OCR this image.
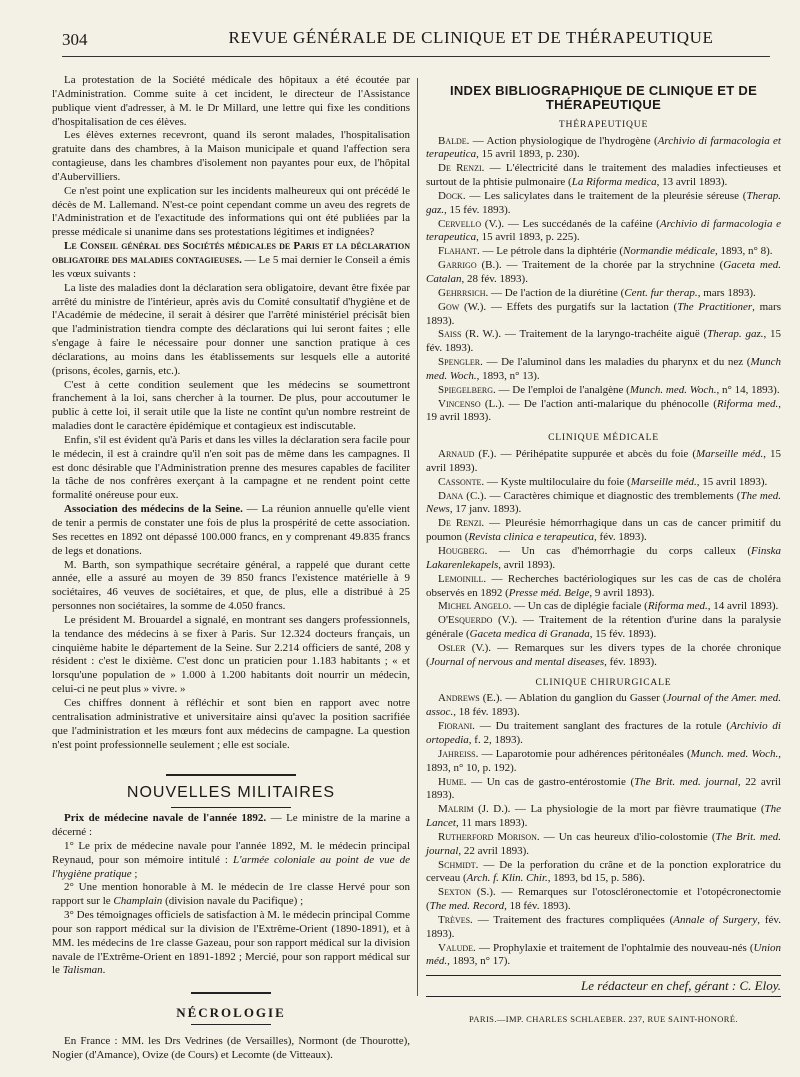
304	REVUE GÉNÉRALE DE CLINIQUE ET DE THÉRAPEUTIQUE

La protestation de la Société médicale des hôpitaux a été écoutée par l'Administration. Comme suite à cet incident, le directeur de l'Assistance publique vient d'adresser, à M. le Dr Millard, une lettre qui fixe les conditions d'hospitalisation de ces élèves.

Les élèves externes recevront, quand ils seront malades, l'hospitalisation gratuite dans des chambres, à la Maison municipale et quand l'affection sera contagieuse, dans les chambres d'isolement non payantes pour eux, de l'hôpital d'Aubervilliers.

Ce n'est point une explication sur les incidents malheureux qui ont précédé le décès de M. Lallemand. N'est-ce point cependant comme un aveu des regrets de l'Administration et de l'exactitude des informations qui ont été publiées par la presse médicale si unanime dans ses protestations légitimes et indignées?

Le Conseil général des Sociétés médicales de Paris et la déclaration obligatoire des maladies contagieuses. — Le 5 mai dernier le Conseil a émis les vœux suivants :

La liste des maladies dont la déclaration sera obligatoire, devant être fixée par arrêté du ministre de l'intérieur, après avis du Comité consultatif d'hygiène et de l'Académie de médecine, il serait à désirer que l'arrêté ministériel précisât bien que l'administration tiendra compte des déclarations qui lui seront faites ; elle s'engage à faire le nécessaire pour donner une sanction pratique à ces déclarations, au moins dans les établissements sur lesquels elle a autorité (prisons, écoles, garnis, etc.).

C'est à cette condition seulement que les médecins se soumettront franchement à la loi, sans chercher à la tourner. De plus, pour accoutumer le public à cette loi, il serait utile que la liste ne contînt qu'un nombre restreint de maladies dont le caractère épidémique et contagieux est indiscutable.

Enfin, s'il est évident qu'à Paris et dans les villes la déclaration sera facile pour le médecin, il est à craindre qu'il n'en soit pas de même dans les campagnes. Il est donc désirable que l'Administration prenne des mesures capables de faciliter la tâche de nos confrères exerçant à la campagne et ne rendent point cette formalité onéreuse pour eux.

Association des médecins de la Seine. — La réunion annuelle qu'elle vient de tenir a permis de constater une fois de plus la prospérité de cette association. Ses recettes en 1892 ont dépassé 100.000 francs, en y comprenant 49.835 francs de legs et donations.

M. Barth, son sympathique secrétaire général, a rappelé que durant cette année, elle a assuré au moyen de 39 850 francs l'existence matérielle à 9 sociétaires, 46 veuves de sociétaires, et que, de plus, elle a distribué à 25 personnes non sociétaires, la somme de 4.050 francs.

Le président M. Brouardel a signalé, en montrant ses dangers professionnels, la tendance des médecins à se fixer à Paris. Sur 12.324 docteurs français, un cinquième habite le département de la Seine. Sur 2.214 officiers de santé, 208 y résident : c'est le dixième. C'est donc un praticien pour 1.183 habitants ; « et lorsqu'une population de » 1.000 à 1.200 habitants doit nourrir un médecin, celui-ci ne peut plus » vivre. »

Ces chiffres donnent à réfléchir et sont bien en rapport avec notre centralisation administrative et universitaire ainsi qu'avec la position sacrifiée que l'administration et les mœurs font aux médecins de campagne. La question n'est point professionnelle seulement ; elle est sociale.

NOUVELLES MILITAIRES

Prix de médecine navale de l'année 1892. — Le ministre de la marine a décerné :

1° Le prix de médecine navale pour l'année 1892, M. le médecin principal Reynaud, pour son mémoire intitulé : L'armée coloniale au point de vue de l'hygiène pratique ;

2° Une mention honorable à M. le médecin de 1re classe Hervé pour son rapport sur le Champlain (division navale du Pacifique) ;

3° Des témoignages officiels de satisfaction à M. le médecin principal Comme pour son rapport médical sur la division de l'Extrême-Orient (1890-1891), et à MM. les médecins de 1re classe Gazeau, pour son rapport médical sur la division navale de l'Extrême-Orient en 1891-1892 ; Mercié, pour son rapport médical sur le Talisman.

NÉCROLOGIE

En France : MM. les Drs Vedrines (de Versailles), Normont (de Thourotte), Nogier (d'Amance), Ovize (de Cours) et Lecomte (de Vitteaux).

INDEX BIBLIOGRAPHIQUE DE CLINIQUE ET DE THÉRAPEUTIQUE
THÉRAPEUTIQUE

Balde. — Action physiologique de l'hydrogène (Archivio di farmacologia et terapeutica, 15 avril 1893, p. 230).

De Renzi. — L'électricité dans le traitement des maladies infectieuses et surtout de la phtisie pulmonaire (La Riforma medica, 13 avril 1893).

Dock. — Les salicylates dans le traitement de la pleurésie séreuse (Therap. gaz., 15 fév. 1893).

Cervello (V.). — Les succédanés de la caféine (Archivio di farmacologia e terapeutica, 15 avril 1893, p. 225).

Flahant. — Le pétrole dans la diphtérie (Normandie médicale, 1893, n° 8).

Garrigo (B.). — Traitement de la chorée par la strychnine (Gaceta med. Catalan, 28 fév. 1893).

Gehrrsich. — De l'action de la diurétine (Cent. fur therap., mars 1893).

Gow (W.). — Effets des purgatifs sur la lactation (The Practitioner, mars 1893).

Saiss (R. W.). — Traitement de la laryngo-trachéite aiguë (Therap. gaz., 15 fév. 1893).

Spengler. — De l'aluminol dans les maladies du pharynx et du nez (Munch med. Woch., 1893, n° 13).

Spiegelberg. — De l'emploi de l'analgène (Munch. med. Woch., n° 14, 1893).

Vincenso (L.). — De l'action anti-malarique du phénocolle (Riforma med., 19 avril 1893).

CLINIQUE MÉDICALE

Arnaud (F.). — Périhépatite suppurée et abcès du foie (Marseille méd., 15 avril 1893).

Cassonte. — Kyste multiloculaire du foie (Marseille méd., 15 avril 1893).

Dana (C.). — Caractères chimique et diagnostic des tremblements (The med. News, 17 janv. 1893).

De Renzi. — Pleurésie hémorrhagique dans un cas de cancer primitif du poumon (Revista clinica e terapeutica, fév. 1893).

Hougberg. — Un cas d'hémorrhagie du corps calleux (Finska Lakarenlekapels, avril 1893).

Lemoinill. — Recherches bactériologiques sur les cas de cas de choléra observés en 1892 (Presse méd. Belge, 9 avril 1893).

Michel Angelo. — Un cas de diplégie faciale (Riforma med., 14 avril 1893).

O'Esquerdo (V.). — Traitement de la rétention d'urine dans la paralysie générale (Gaceta medica di Granada, 15 fév. 1893).

Osler (V.). — Remarques sur les divers types de la chorée chronique (Journal of nervous and mental diseases, fév. 1893).

CLINIQUE CHIRURGICALE

Andrews (E.). — Ablation du ganglion du Gasser (Journal of the Amer. med. assoc., 18 fév. 1893).

Fiorani. — Du traitement sanglant des fractures de la rotule (Archivio di ortopedia, f. 2, 1893).

Jahreiss. — Laparotomie pour adhérences péritonéales (Munch. med. Woch., 1893, n° 10, p. 192).

Hume. — Un cas de gastro-entérostomie (The Brit. med. journal, 22 avril 1893).

Malrim (J. D.). — La physiologie de la mort par fièvre traumatique (The Lancet, 11 mars 1893).

Rutherford Morison. — Un cas heureux d'ilio-colostomie (The Brit. med. journal, 22 avril 1893).

Schmidt. — De la perforation du crâne et de la ponction exploratrice du cerveau (Arch. f. Klin. Chir., 1893, bd 15, p. 586).

Sexton (S.). — Remarques sur l'otoscléronectomie et l'otopécronectomie (The med. Record, 18 fév. 1893).

Trèves. — Traitement des fractures compliquées (Annale of Surgery, fév. 1893).

Valude. — Prophylaxie et traitement de l'ophtalmie des nouveau-nés (Union méd., 1893, n° 17).

Le rédacteur en chef, gérant : C. Eloy.
PARIS.—IMP. CHARLES SCHLAEBER. 237, RUE SAINT-HONORÉ.
